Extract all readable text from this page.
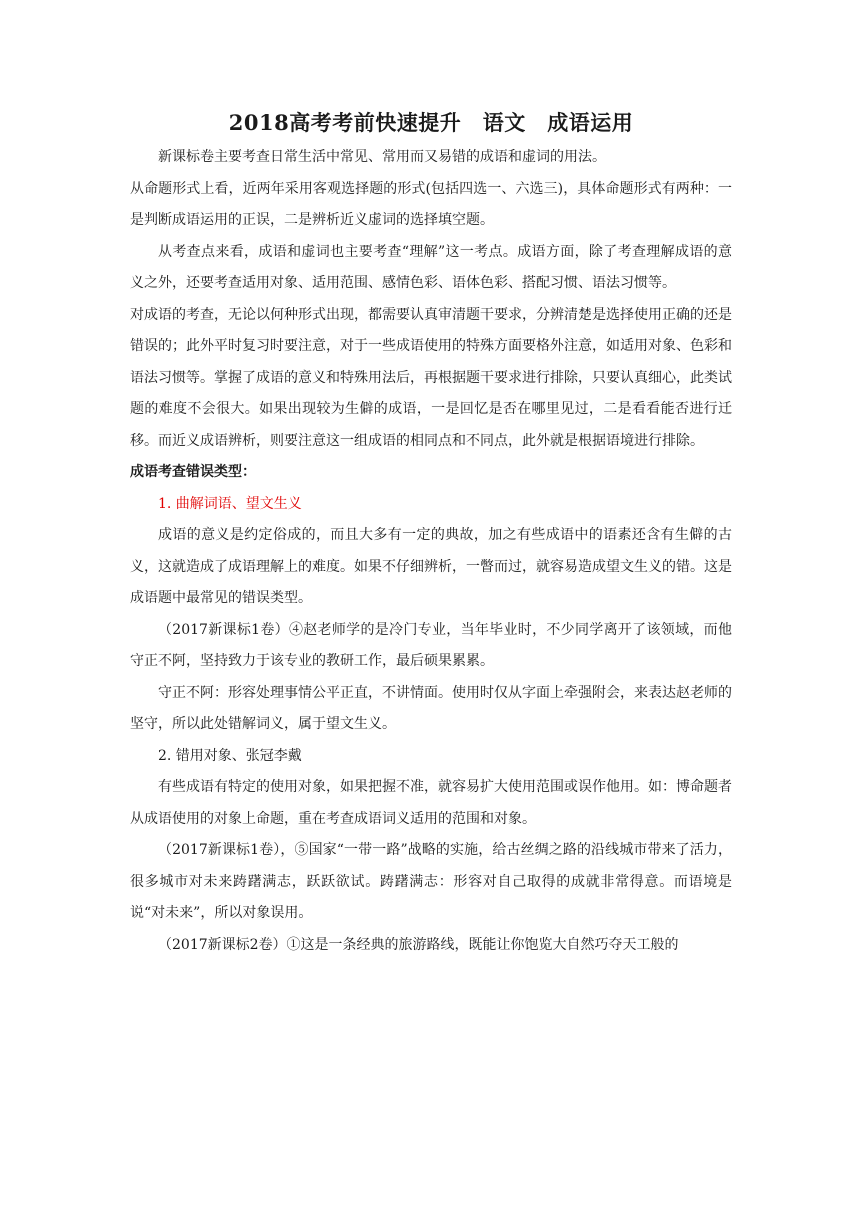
2018高考考前快速提升　语文　成语运用

新课标卷主要考查日常生活中常见、常用而又易错的成语和虚词的用法。

从命题形式上看，近两年采用客观选择题的形式(包括四选一、六选三)，具体命题形式有两种：一是判断成语运用的正误，二是辨析近义虚词的选择填空题。

从考查点来看，成语和虚词也主要考查“理解”这一考点。成语方面，除了考查理解成语的意义之外，还要考查适用对象、适用范围、感情色彩、语体色彩、搭配习惯、语法习惯等。

对成语的考查，无论以何种形式出现，都需要认真审清题干要求，分辨清楚是选择使用正确的还是错误的；此外平时复习时要注意，对于一些成语使用的特殊方面要格外注意，如适用对象、色彩和语法习惯等。掌握了成语的意义和特殊用法后，再根据题干要求进行排除，只要认真细心，此类试题的难度不会很大。如果出现较为生僻的成语，一是回忆是否在哪里见过，二是看看能否进行迁移。而近义成语辨析，则要注意这一组成语的相同点和不同点，此外就是根据语境进行排除。

成语考查错误类型：

1. 曲解词语、望文生义

成语的意义是约定俗成的，而且大多有一定的典故，加之有些成语中的语素还含有生僻的古义，这就造成了成语理解上的难度。如果不仔细辨析，一瞥而过，就容易造成望文生义的错。这是成语题中最常见的错误类型。

（2017新课标1卷）④赵老师学的是冷门专业，当年毕业时，不少同学离开了该领域，而他守正不阿，坚持致力于该专业的教研工作，最后硕果累累。

守正不阿：形容处理事情公平正直，不讲情面。使用时仅从字面上牵强附会，来表达赵老师的坚守，所以此处错解词义，属于望文生义。

2. 错用对象、张冠李戴

有些成语有特定的使用对象，如果把握不准，就容易扩大使用范围或误作他用。如：博命题者从成语使用的对象上命题，重在考查成语词义适用的范围和对象。

（2017新课标1卷），⑤国家“一带一路”战略的实施，给古丝绸之路的沿线城市带来了活力，很多城市对未来踌躇满志，跃跃欲试。踌躇满志：形容对自己取得的成就非常得意。而语境是说“对未来”，所以对象误用。

（2017新课标2卷）①这是一条经典的旅游路线，既能让你饱览大自然巧夺天工般的
